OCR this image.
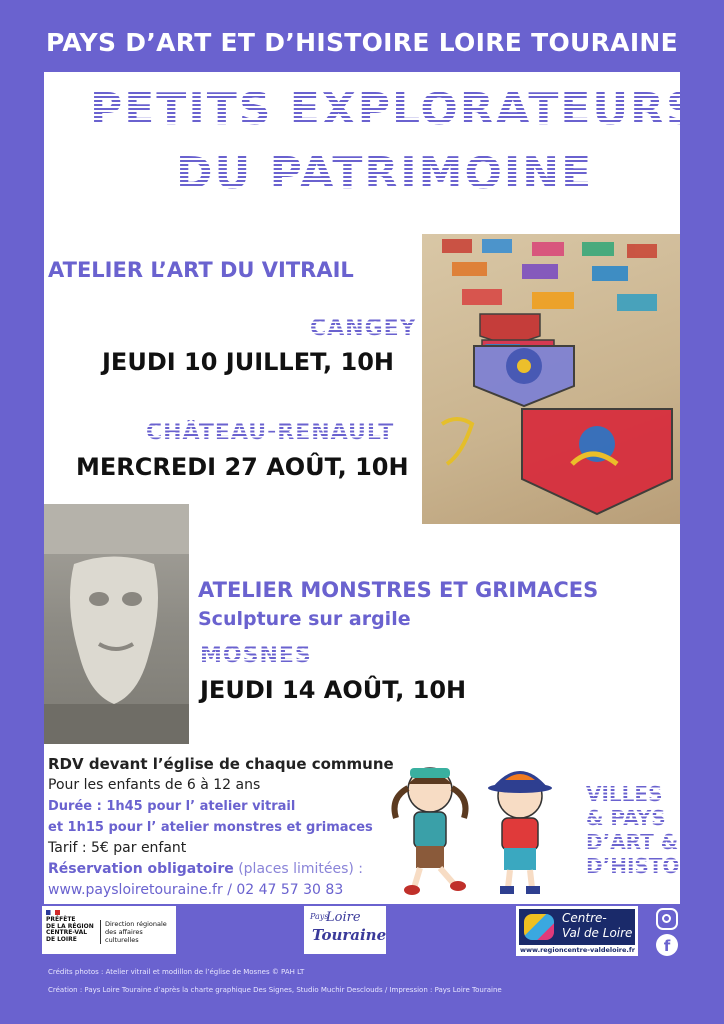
PAYS D’ART ET D’HISTOIRE LOIRE TOURAINE
PETITS EXPLORATEURS
DU PATRIMOINE
ATELIER L’ART DU VITRAIL
CANGEY
JEUDI 10 JUILLET, 10H
CHÂTEAU-RENAULT
MERCREDI 27 AOÛT, 10H
ATELIER MONSTRES ET GRIMACES
Sculpture sur argile
MOSNES
JEUDI 14 AOÛT, 10H
RDV devant l’église de chaque commune
Pour les enfants de 6 à 12 ans
Durée : 1h45 pour l’ atelier vitrail
et 1h15 pour l’ atelier monstres et grimaces
Tarif : 5€ par enfant
Réservation obligatoire (places limitées) :
www.paysloiretouraine.fr / 02 47 57 30 83
VILLES
& PAYS
D’ART &
D’HISTOIRE
PRÉFÈTE
DE LA RÉGION
CENTRE-VAL
DE LOIRE
Direction régionale
des affaires culturelles
Pays
Loire
Touraine
Centre-
Val de Loire
www.regioncentre-valdeloire.fr	f
Crédits photos : Atelier vitrail et modillon de l’église de Mosnes © PAH LT
Création : Pays Loire Touraine d’après la charte graphique Des Signes, Studio Muchir Desclouds / Impression : Pays Loire Touraine
